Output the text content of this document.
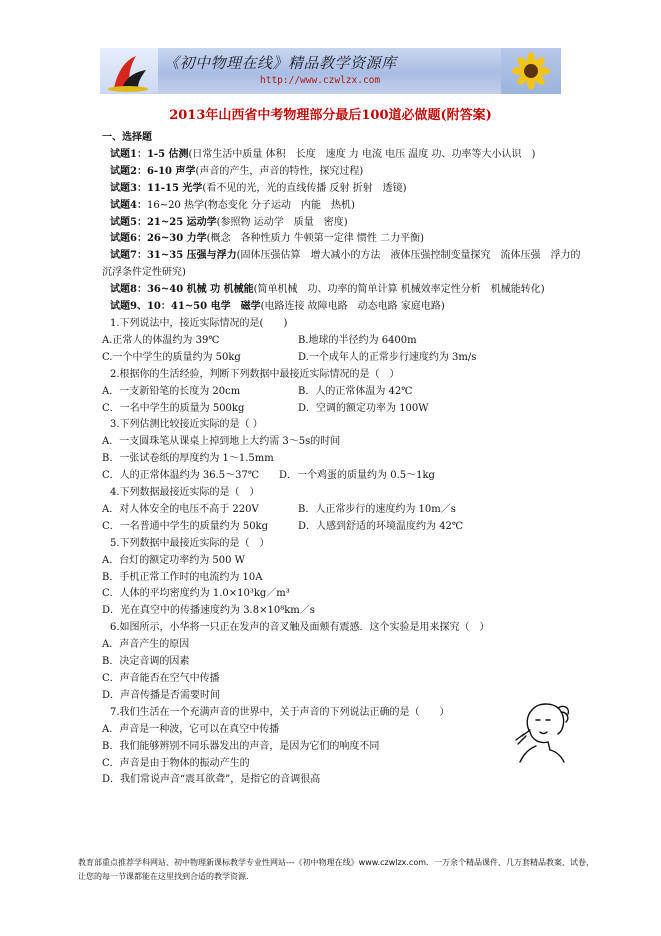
《初中物理在线》精品教学资源库
http://www.czwlzx.com
2013年山西省中考物理部分最后100道必做题(附答案)

一、选择题

试题1：1-5 估测(日常生活中质量 体积　长度　速度 力 电流 电压 温度 功、功率等大小认识　)

试题2：6-10 声学(声音的产生，声音的特性，探究过程)

试题3：11-15 光学(看不见的光，光的直线传播 反射 折射　透镜)

试题4：16~20 热学(物态变化 分子运动　内能　热机)

试题5：21~25 运动学(参照物 运动学　质量　密度)

试题6：26~30 力学(概念　各种性质力 牛顿第一定律 惯性 二力平衡)

试题7：31~35 压强与浮力(固体压强估算　增大减小的方法　液体压强控制变量探究　流体压强　浮力的沉浮条件定性研究)

试题8：36~40 机械 功 机械能(简单机械　功、功率的简单计算 机械效率定性分析　机械能转化)

试题9、10：41~50 电学　磁学(电路连接 故障电路　动态电路 家庭电路)

1.下列说法中，接近实际情况的是(　　)

A.正常人的体温约为 39℃	B.地球的半径约为 6400m
C.一个中学生的质量约为 50kg	D.一个成年人的正常步行速度约为 3m/s

2.根据你的生活经验，判断下列数据中最接近实际情况的是（　）

A．一支新铅笔的长度为 20cm	B．人的正常体温为 42℃
C．一名中学生的质量为 500kg	D．空调的额定功率为 100W

3.下列估测比较接近实际的是（ ）

A．一支圆珠笔从课桌上掉到地上大约需 3～5s的时间

B．一张试卷纸的厚度约为 1～1.5mm

C．人的正常体温约为 36.5～37℃　　D．一个鸡蛋的质量约为 0.5～1kg

4.下列数据最接近实际的是（　）

A．对人体安全的电压不高于 220V	B．人正常步行的速度约为 10m／s
C．一名普通中学生的质量约为 50kg	D．人感到舒适的环境温度约为 42℃

5.下列数据中最接近实际的是（　）

A．台灯的额定功率约为 500 W

B．手机正常工作时的电流约为 10A

C．人体的平均密度约为 1.0×10³kg／m³

D．光在真空中的传播速度约为 3.8×10⁸km／s

6.如图所示，小华将一只正在发声的音叉触及面颊有震感．这个实验是用来探究（　）

A．声音产生的原因

B．决定音调的因素

C．声音能否在空气中传播

D．声音传播是否需要时间

7.我们生活在一个充满声音的世界中，关于声音的下列说法正确的是（　　）

A．声音是一种波，它可以在真空中传播

B．我们能够辨别不同乐器发出的声音，是因为它们的响度不同

C．声音是由于物体的振动产生的

D．我们常说声音“震耳欲聋”，是指它的音调很高

教育部重点推荐学科网站、初中物理新课标教学专业性网站---《初中物理在线》www.czwlzx.com．一万余个精品课件、几万套精品教案、试卷，让您的每一节课都能在这里找到合适的教学资源．
